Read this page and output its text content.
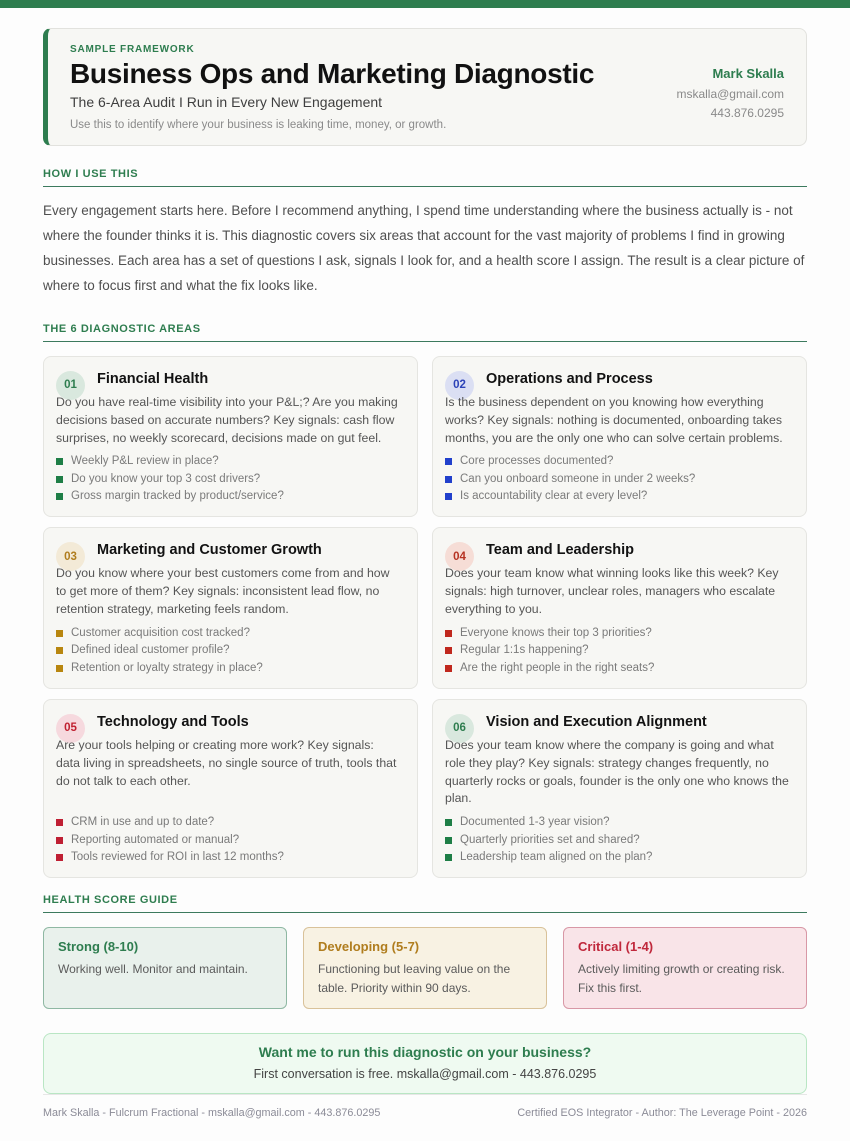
SAMPLE FRAMEWORK
Business Ops and Marketing Diagnostic
The 6-Area Audit I Run in Every New Engagement
Use this to identify where your business is leaking time, money, or growth.
Mark Skalla
mskalla@gmail.com
443.876.0295
HOW I USE THIS

Every engagement starts here. Before I recommend anything, I spend time understanding where the business actually is - not where the founder thinks it is. This diagnostic covers six areas that account for the vast majority of problems I find in growing businesses. Each area has a set of questions I ask, signals I look for, and a health score I assign. The result is a clear picture of where to focus first and what the fix looks like.

THE 6 DIAGNOSTIC AREAS
01	Financial Health

Do you have real-time visibility into your P&L;? Are you making decisions based on accurate numbers? Key signals: cash flow surprises, no weekly scorecard, decisions made on gut feel.

Weekly P&L review in place?
Do you know your top 3 cost drivers?
Gross margin tracked by product/service?
02	Operations and Process

Is the business dependent on you knowing how everything works? Key signals: nothing is documented, onboarding takes months, you are the only one who can solve certain problems.

Core processes documented?
Can you onboard someone in under 2 weeks?
Is accountability clear at every level?
03	Marketing and Customer Growth

Do you know where your best customers come from and how to get more of them? Key signals: inconsistent lead flow, no retention strategy, marketing feels random.

Customer acquisition cost tracked?
Defined ideal customer profile?
Retention or loyalty strategy in place?
04	Team and Leadership

Does your team know what winning looks like this week? Key signals: high turnover, unclear roles, managers who escalate everything to you.

Everyone knows their top 3 priorities?
Regular 1:1s happening?
Are the right people in the right seats?
05	Technology and Tools

Are your tools helping or creating more work? Key signals: data living in spreadsheets, no single source of truth, tools that do not talk to each other.

CRM in use and up to date?
Reporting automated or manual?
Tools reviewed for ROI in last 12 months?
06	Vision and Execution Alignment

Does your team know where the company is going and what role they play? Key signals: strategy changes frequently, no quarterly rocks or goals, founder is the only one who knows the plan.

Documented 1-3 year vision?
Quarterly priorities set and shared?
Leadership team aligned on the plan?
HEALTH SCORE GUIDE
Strong (8-10)
Working well. Monitor and maintain.
Developing (5-7)
Functioning but leaving value on the table. Priority within 90 days.
Critical (1-4)
Actively limiting growth or creating risk. Fix this first.
Want me to run this diagnostic on your business?
First conversation is free. mskalla@gmail.com - 443.876.0295
Mark Skalla - Fulcrum Fractional - mskalla@gmail.com - 443.876.0295	Certified EOS Integrator - Author: The Leverage Point - 2026
